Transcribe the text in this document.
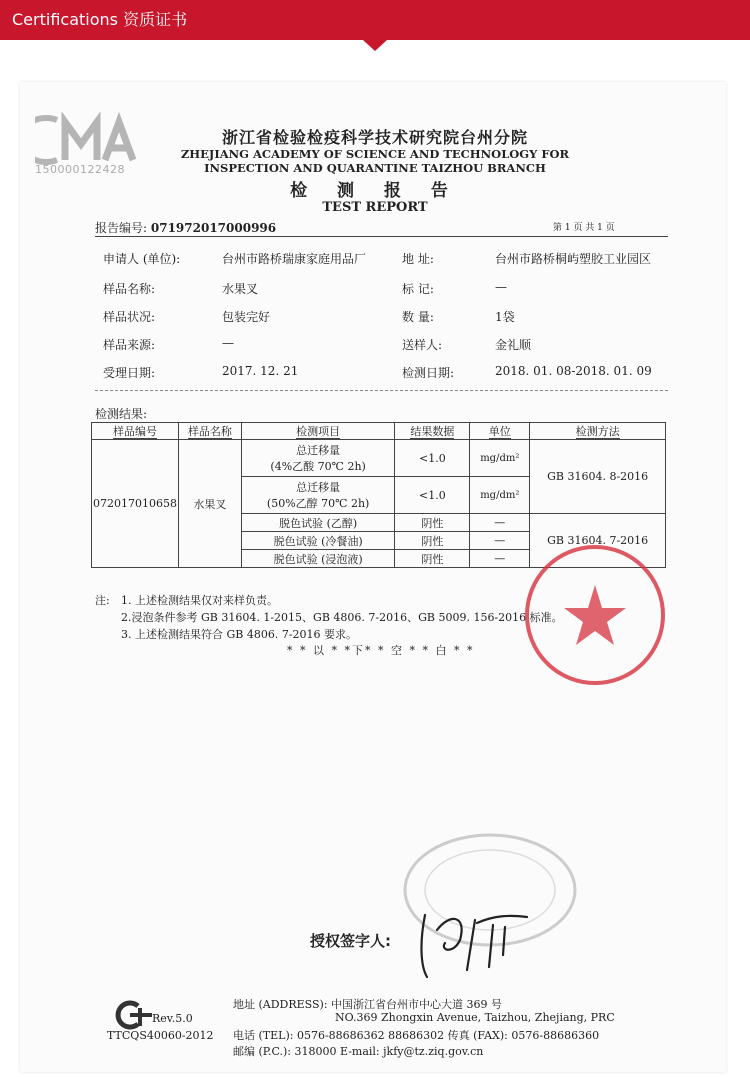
Certifications 资质证书
150000122428
浙江省检验检疫科学技术研究院台州分院
ZHEJIANG ACADEMY OF SCIENCE AND TECHNOLOGY FOR
INSPECTION AND QUARANTINE TAIZHOU BRANCH
检 测 报 告
TEST REPORT
报告编号: 071972017000996	第 1 页 共 1 页
申请人 (单位):	台州市路桥瑞康家庭用品厂	地 址:	台州市路桥桐屿塑胶工业园区
样品名称:	水果叉	标 记:	—
样品状况:	包装完好	数 量:	1袋
样品来源:	—	送样人:	金礼顺
受理日期:	2017. 12. 21	检测日期:	2018. 01. 08-2018. 01. 09
检测结果:
样品编号	样品名称	检测项目	结果数据	单位	检测方法
072017010658	水果叉	总迁移量
(4%乙酸 70℃ 2h)	<1.0	mg/dm²	GB 31604. 8-2016

		总迁移量
(50%乙醇 70℃ 2h)	<1.0	mg/dm²	
		脱色试验 (乙醇)	阴性	—	GB 31604. 7-2016
		脱色试验 (冷餐油)	阴性	—	
		脱色试验 (浸泡液)	阴性	—	
注: 1. 上述检测结果仅对来样负责。
2.浸泡条件参考 GB 31604. 1-2015、GB 4806. 7-2016、GB 5009. 156-2016 标准。
3. 上述检测结果符合 GB 4806. 7-2016 要求。
* * 以 * *下* * 空 * * 白 * *
授权签字人:
Rev.5.0
TTCQS40060-2012
地址 (ADDRESS): 中国浙江省台州市中心大道 369 号
NO.369 Zhongxin Avenue, Taizhou, Zhejiang, PRC
电话 (TEL): 0576-88686362 88686302 传真 (FAX): 0576-88686360
邮编 (P.C.): 318000 E-mail: jkfy@tz.ziq.gov.cn
